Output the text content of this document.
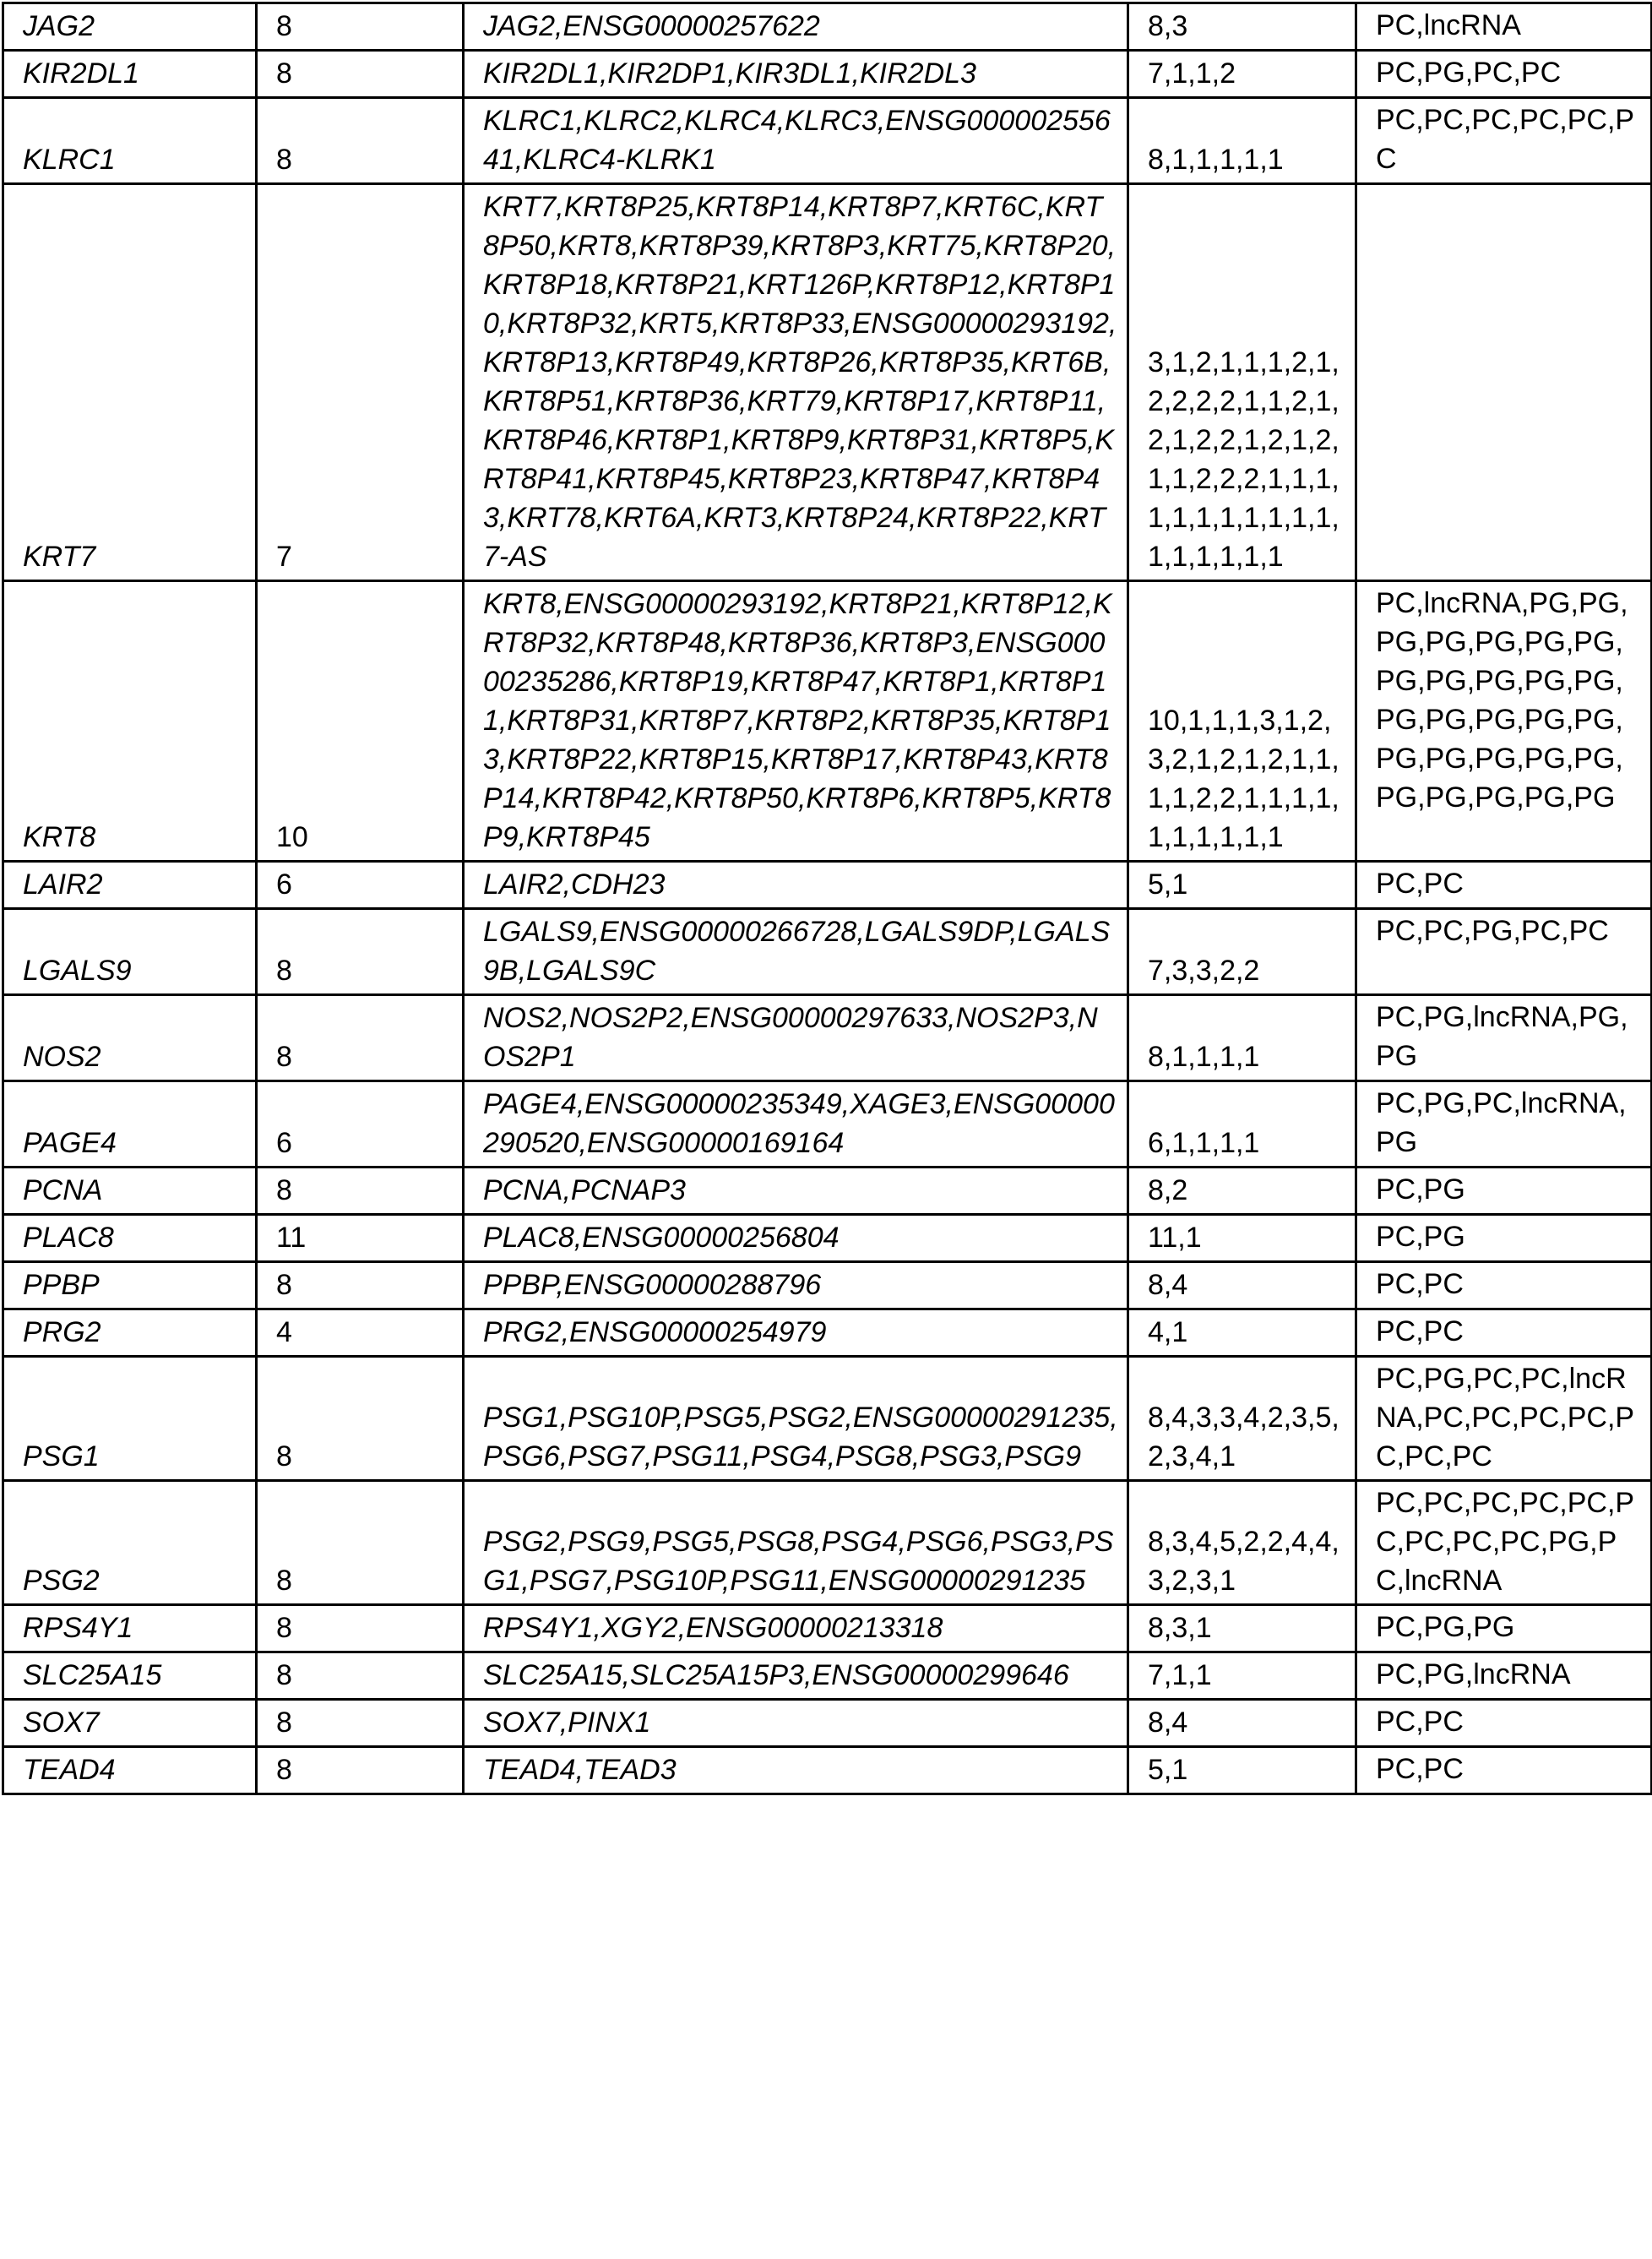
JAG2	8	JAG2,ENSG00000257622	8,3	PC,lncRNA
KIR2DL1	8	KIR2DL1,KIR2DP1,KIR3DL1,KIR2DL3	7,1,1,2	PC,PG,PC,PC
KLRC1	8	KLRC1,KLRC2,KLRC4,KLRC3,ENSG00000255641,KLRC4-KLRK1	8,1,1,1,1,1	PC,PC,PC,PC,PC,PC
KRT7	7	KRT7,KRT8P25,KRT8P14,KRT8P7,KRT6C,KRT8P50,KRT8,KRT8P39,KRT8P3,KRT75,KRT8P20,KRT8P18,KRT8P21,KRT126P,KRT8P12,KRT8P10,KRT8P32,KRT5,KRT8P33,ENSG00000293192,KRT8P13,KRT8P49,KRT8P26,KRT8P35,KRT6B,KRT8P51,KRT8P36,KRT79,KRT8P17,KRT8P11,KRT8P46,KRT8P1,KRT8P9,KRT8P31,KRT8P5,KRT8P41,KRT8P45,KRT8P23,KRT8P47,KRT8P43,KRT78,KRT6A,KRT3,KRT8P24,KRT8P22,KRT7-AS	3,1,2,1,1,1,2,1,2,2,2,2,1,1,2,1,2,1,2,2,1,2,1,2,1,1,2,2,2,1,1,1,1,1,1,1,1,1,1,1,1,1,1,1,1,1	
KRT8	10	KRT8,ENSG00000293192,KRT8P21,KRT8P12,KRT8P32,KRT8P48,KRT8P36,KRT8P3,ENSG00000235286,KRT8P19,KRT8P47,KRT8P1,KRT8P11,KRT8P31,KRT8P7,KRT8P2,KRT8P35,KRT8P13,KRT8P22,KRT8P15,KRT8P17,KRT8P43,KRT8P14,KRT8P42,KRT8P50,KRT8P6,KRT8P5,KRT8P9,KRT8P45	10,1,1,1,3,1,2,3,2,1,2,1,2,1,1,1,1,2,2,1,1,1,1,1,1,1,1,1,1	PC,lncRNA,PG,PG,PG,PG,PG,PG,PG,PG,PG,PG,PG,PG,PG,PG,PG,PG,PG,PG,PG,PG,PG,PG,PG,PG,PG,PG,PG
LAIR2	6	LAIR2,CDH23	5,1	PC,PC
LGALS9	8	LGALS9,ENSG00000266728,LGALS9DP,LGALS9B,LGALS9C	7,3,3,2,2	PC,PC,PG,PC,PC
NOS2	8	NOS2,NOS2P2,ENSG00000297633,NOS2P3,NOS2P1	8,1,1,1,1	PC,PG,lncRNA,PG,PG
PAGE4	6	PAGE4,ENSG00000235349,XAGE3,ENSG00000290520,ENSG00000169164	6,1,1,1,1	PC,PG,PC,lncRNA,PG
PCNA	8	PCNA,PCNAP3	8,2	PC,PG
PLAC8	11	PLAC8,ENSG00000256804	11,1	PC,PG
PPBP	8	PPBP,ENSG00000288796	8,4	PC,PC
PRG2	4	PRG2,ENSG00000254979	4,1	PC,PC
PSG1	8	PSG1,PSG10P,PSG5,PSG2,ENSG00000291235,PSG6,PSG7,PSG11,PSG4,PSG8,PSG3,PSG9	8,4,3,3,4,2,3,5,2,3,4,1	PC,PG,PC,PC,lncRNA,PC,PC,PC,PC,PC,PC,PC
PSG2	8	PSG2,PSG9,PSG5,PSG8,PSG4,PSG6,PSG3,PSG1,PSG7,PSG10P,PSG11,ENSG00000291235	8,3,4,5,2,2,4,4,3,2,3,1	PC,PC,PC,PC,PC,PC,PC,PC,PC,PG,PC,lncRNA
RPS4Y1	8	RPS4Y1,XGY2,ENSG00000213318	8,3,1	PC,PG,PG
SLC25A15	8	SLC25A15,SLC25A15P3,ENSG00000299646	7,1,1	PC,PG,lncRNA
SOX7	8	SOX7,PINX1	8,4	PC,PC
TEAD4	8	TEAD4,TEAD3	5,1	PC,PC
